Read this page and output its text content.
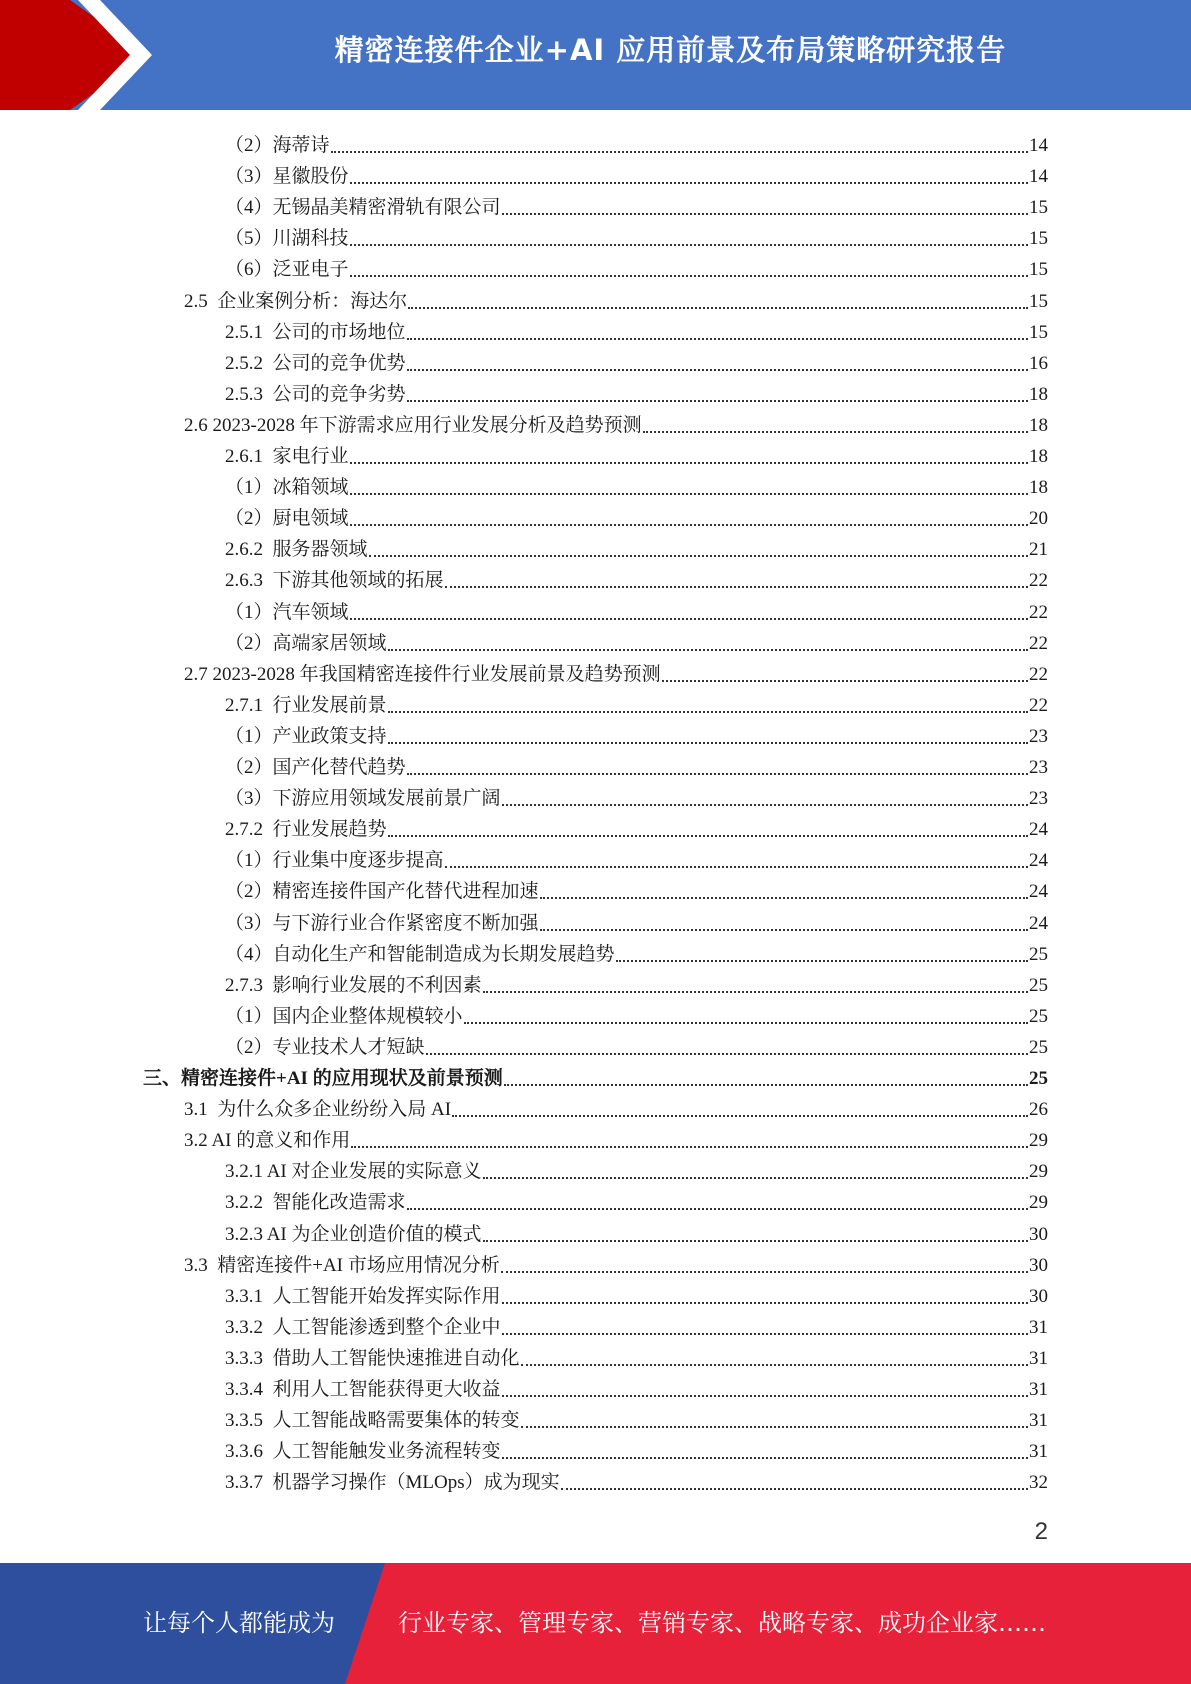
精密连接件企业+AI 应用前景及布局策略研究报告
（2）海蒂诗	14
（3）星徽股份	14
（4）无锡晶美精密滑轨有限公司	15
（5）川湖科技	15
（6）泛亚电子	15
2.5  企业案例分析：海达尔	15
2.5.1  公司的市场地位	15
2.5.2  公司的竞争优势	16
2.5.3  公司的竞争劣势	18
2.6 2023-2028 年下游需求应用行业发展分析及趋势预测	18
2.6.1  家电行业	18
（1）冰箱领域	18
（2）厨电领域	20
2.6.2  服务器领域	21
2.6.3  下游其他领域的拓展	22
（1）汽车领域	22
（2）高端家居领域	22
2.7 2023-2028 年我国精密连接件行业发展前景及趋势预测	22
2.7.1  行业发展前景	22
（1）产业政策支持	23
（2）国产化替代趋势	23
（3）下游应用领域发展前景广阔	23
2.7.2  行业发展趋势	24
（1）行业集中度逐步提高	24
（2）精密连接件国产化替代进程加速	24
（3）与下游行业合作紧密度不断加强	24
（4）自动化生产和智能制造成为长期发展趋势	25
2.7.3  影响行业发展的不利因素	25
（1）国内企业整体规模较小	25
（2）专业技术人才短缺	25
三、精密连接件+AI 的应用现状及前景预测	25
3.1  为什么众多企业纷纷入局 AI	26
3.2 AI 的意义和作用	29
3.2.1 AI 对企业发展的实际意义	29
3.2.2  智能化改造需求	29
3.2.3 AI 为企业创造价值的模式	30
3.3  精密连接件+AI 市场应用情况分析	30
3.3.1  人工智能开始发挥实际作用	30
3.3.2  人工智能渗透到整个企业中	31
3.3.3  借助人工智能快速推进自动化	31
3.3.4  利用人工智能获得更大收益	31
3.3.5  人工智能战略需要集体的转变	31
3.3.6  人工智能触发业务流程转变	31
3.3.7  机器学习操作（MLOps）成为现实	32
2
让每个人都能成为	行业专家、管理专家、营销专家、战略专家、成功企业家……
